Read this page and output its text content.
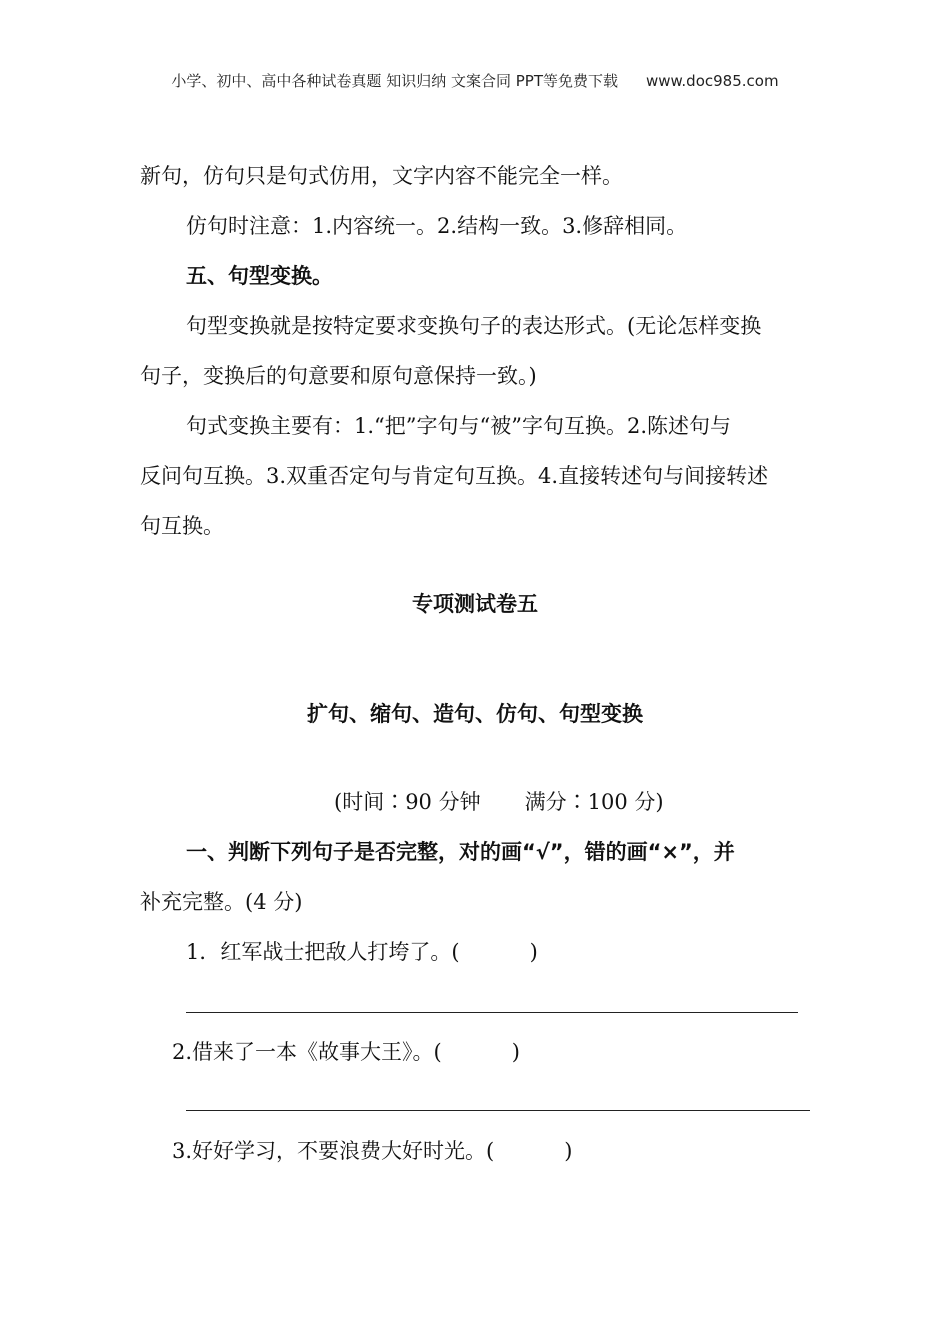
小学、初中、高中各种试卷真题 知识归纳 文案合同 PPT等免费下载 www.doc985.com
新句，仿句只是句式仿用，文字内容不能完全一样。
仿句时注意：1.内容统一。2.结构一致。3.修辞相同。
五、句型变换。
句型变换就是按特定要求变换句子的表达形式。(无论怎样变换
句子，变换后的句意要和原句意保持一致。)
句式变换主要有：1.“把”字句与“被”字句互换。2.陈述句与
反问句互换。3.双重否定句与肯定句互换。4.直接转述句与间接转述
句互换。
专项测试卷五
扩句、缩句、造句、仿句、句型变换
(时间∶90 分钟 满分∶100 分)
一、判断下列句子是否完整，对的画“√”，错的画“×”，并
补充完整。(4 分)
1．红军战士把敌人打垮了。(	)
2.借来了一本《故事大王》。(	)
3.好好学习，不要浪费大好时光。(	)
